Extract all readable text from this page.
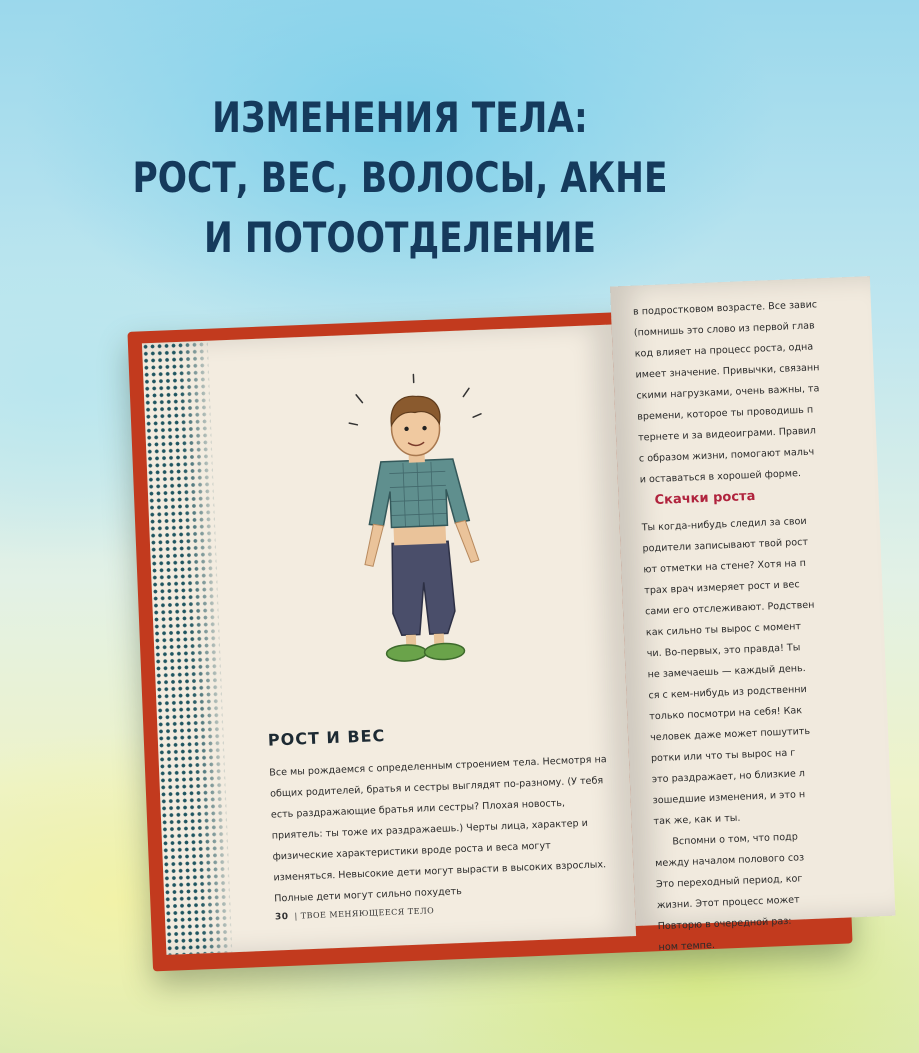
ИЗМЕНЕНИЯ ТЕЛА:
РОСТ, ВЕС, ВОЛОСЫ, АКНЕ
И ПОТООТДЕЛЕНИЕ
РОСТ И ВЕС

Все мы рождаемся с определенным строением тела. Несмотря на общих родителей, братья и сестры выглядят по-разному. (У тебя есть раздражающие братья или сестры? Плохая новость, приятель: ты тоже их раздражаешь.) Черты лица, характер и физические характеристики вроде роста и веса могут изменяться. Невысокие дети могут вырасти в высоких взрослых. Полные дети могут сильно похудеть

30 | ТВОЕ МЕНЯЮЩЕЕСЯ ТЕЛО
в подростковом возрасте. Все завис
(помнишь это слово из первой глав
код влияет на процесс роста, одна
имеет значение. Привычки, связанн
скими нагрузками, очень важны, та
времени, которое ты проводишь п
тернете и за видеоиграми. Правил
с образом жизни, помогают мальч
и оставаться в хорошей форме.
Скачки роста
Ты когда-нибудь следил за свои
родители записывают твой рост
ют отметки на стене? Хотя на п
трах врач измеряет рост и вес
сами его отслеживают. Родствен
как сильно ты вырос с момент
чи. Во-первых, это правда! Ты
не замечаешь — каждый день.
ся с кем-нибудь из родственни
только посмотри на себя! Как
человек даже может пошутить
ротки или что ты вырос на г
это раздражает, но близкие л
зошедшие изменения, и это н
так же, как и ты.
Вспомни о том, что подр
между началом полового соз
Это переходный период, ког
жизни. Этот процесс может
Повторю в очередной раз:
ном темпе.
